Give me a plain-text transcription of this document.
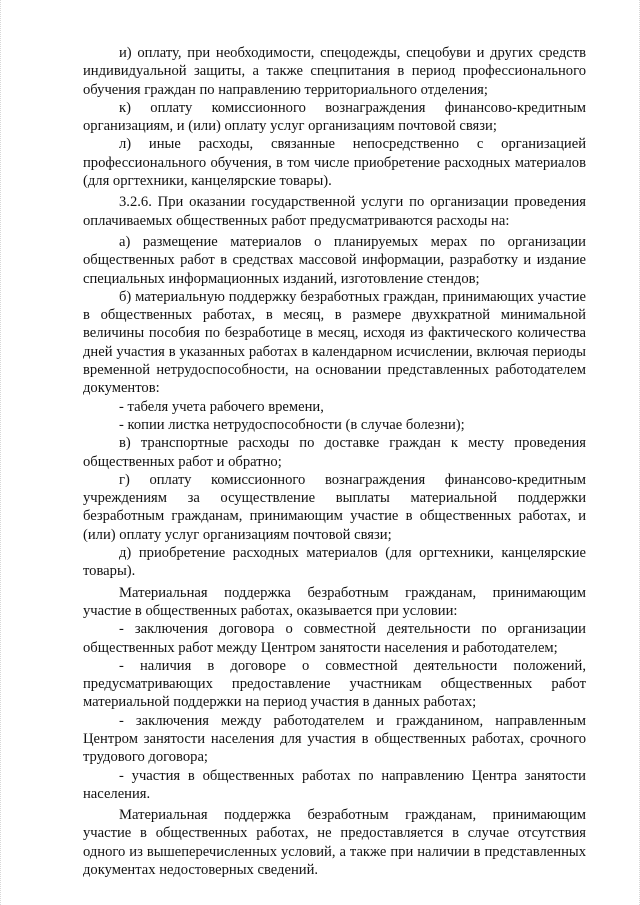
и) оплату, при необходимости, спецодежды, спецобуви и других средств индивидуальной защиты, а также спецпитания в период профессионального обучения граждан по направлению территориального отделения;

к) оплату комиссионного вознаграждения финансово-кредитным организациям, и (или) оплату услуг организациям почтовой связи;

л) иные расходы, связанные непосредственно с организацией профессионального обучения, в том числе приобретение расходных материалов (для оргтехники, канцелярские товары).

3.2.6. При оказании государственной услуги по организации проведения оплачиваемых общественных работ предусматриваются расходы на:

а) размещение материалов о планируемых мерах по организации общественных работ в средствах массовой информации, разработку и издание специальных информационных изданий, изготовление стендов;

б) материальную поддержку безработных граждан, принимающих участие в общественных работах, в месяц, в размере двухкратной минимальной величины пособия по безработице в месяц, исходя из фактического количества дней участия в указанных работах в календарном исчислении, включая периоды временной нетрудоспособности, на основании представленных работодателем документов:

- табеля учета рабочего времени,

- копии листка нетрудоспособности (в случае болезни);

в) транспортные расходы по доставке граждан к месту проведения общественных работ и обратно;

г) оплату комиссионного вознаграждения финансово-кредитным учреждениям за осуществление выплаты материальной поддержки безработным гражданам, принимающим участие в общественных работах, и (или) оплату услуг организациям почтовой связи;

д) приобретение расходных материалов (для оргтехники, канцелярские товары).

Материальная поддержка безработным гражданам, принимающим участие в общественных работах, оказывается при условии:

- заключения договора о совместной деятельности по организации общественных работ между Центром занятости населения и работодателем;

- наличия в договоре о совместной деятельности положений, предусматривающих предоставление участникам общественных работ материальной поддержки на период участия в данных работах;

- заключения между работодателем и гражданином, направленным Центром занятости населения для участия в общественных работах, срочного трудового договора;

- участия в общественных работах по направлению Центра занятости населения.

Материальная поддержка безработным гражданам, принимающим участие в общественных работах, не предоставляется в случае отсутствия одного из вышеперечисленных условий, а также при наличии в представленных документах недостоверных сведений.
